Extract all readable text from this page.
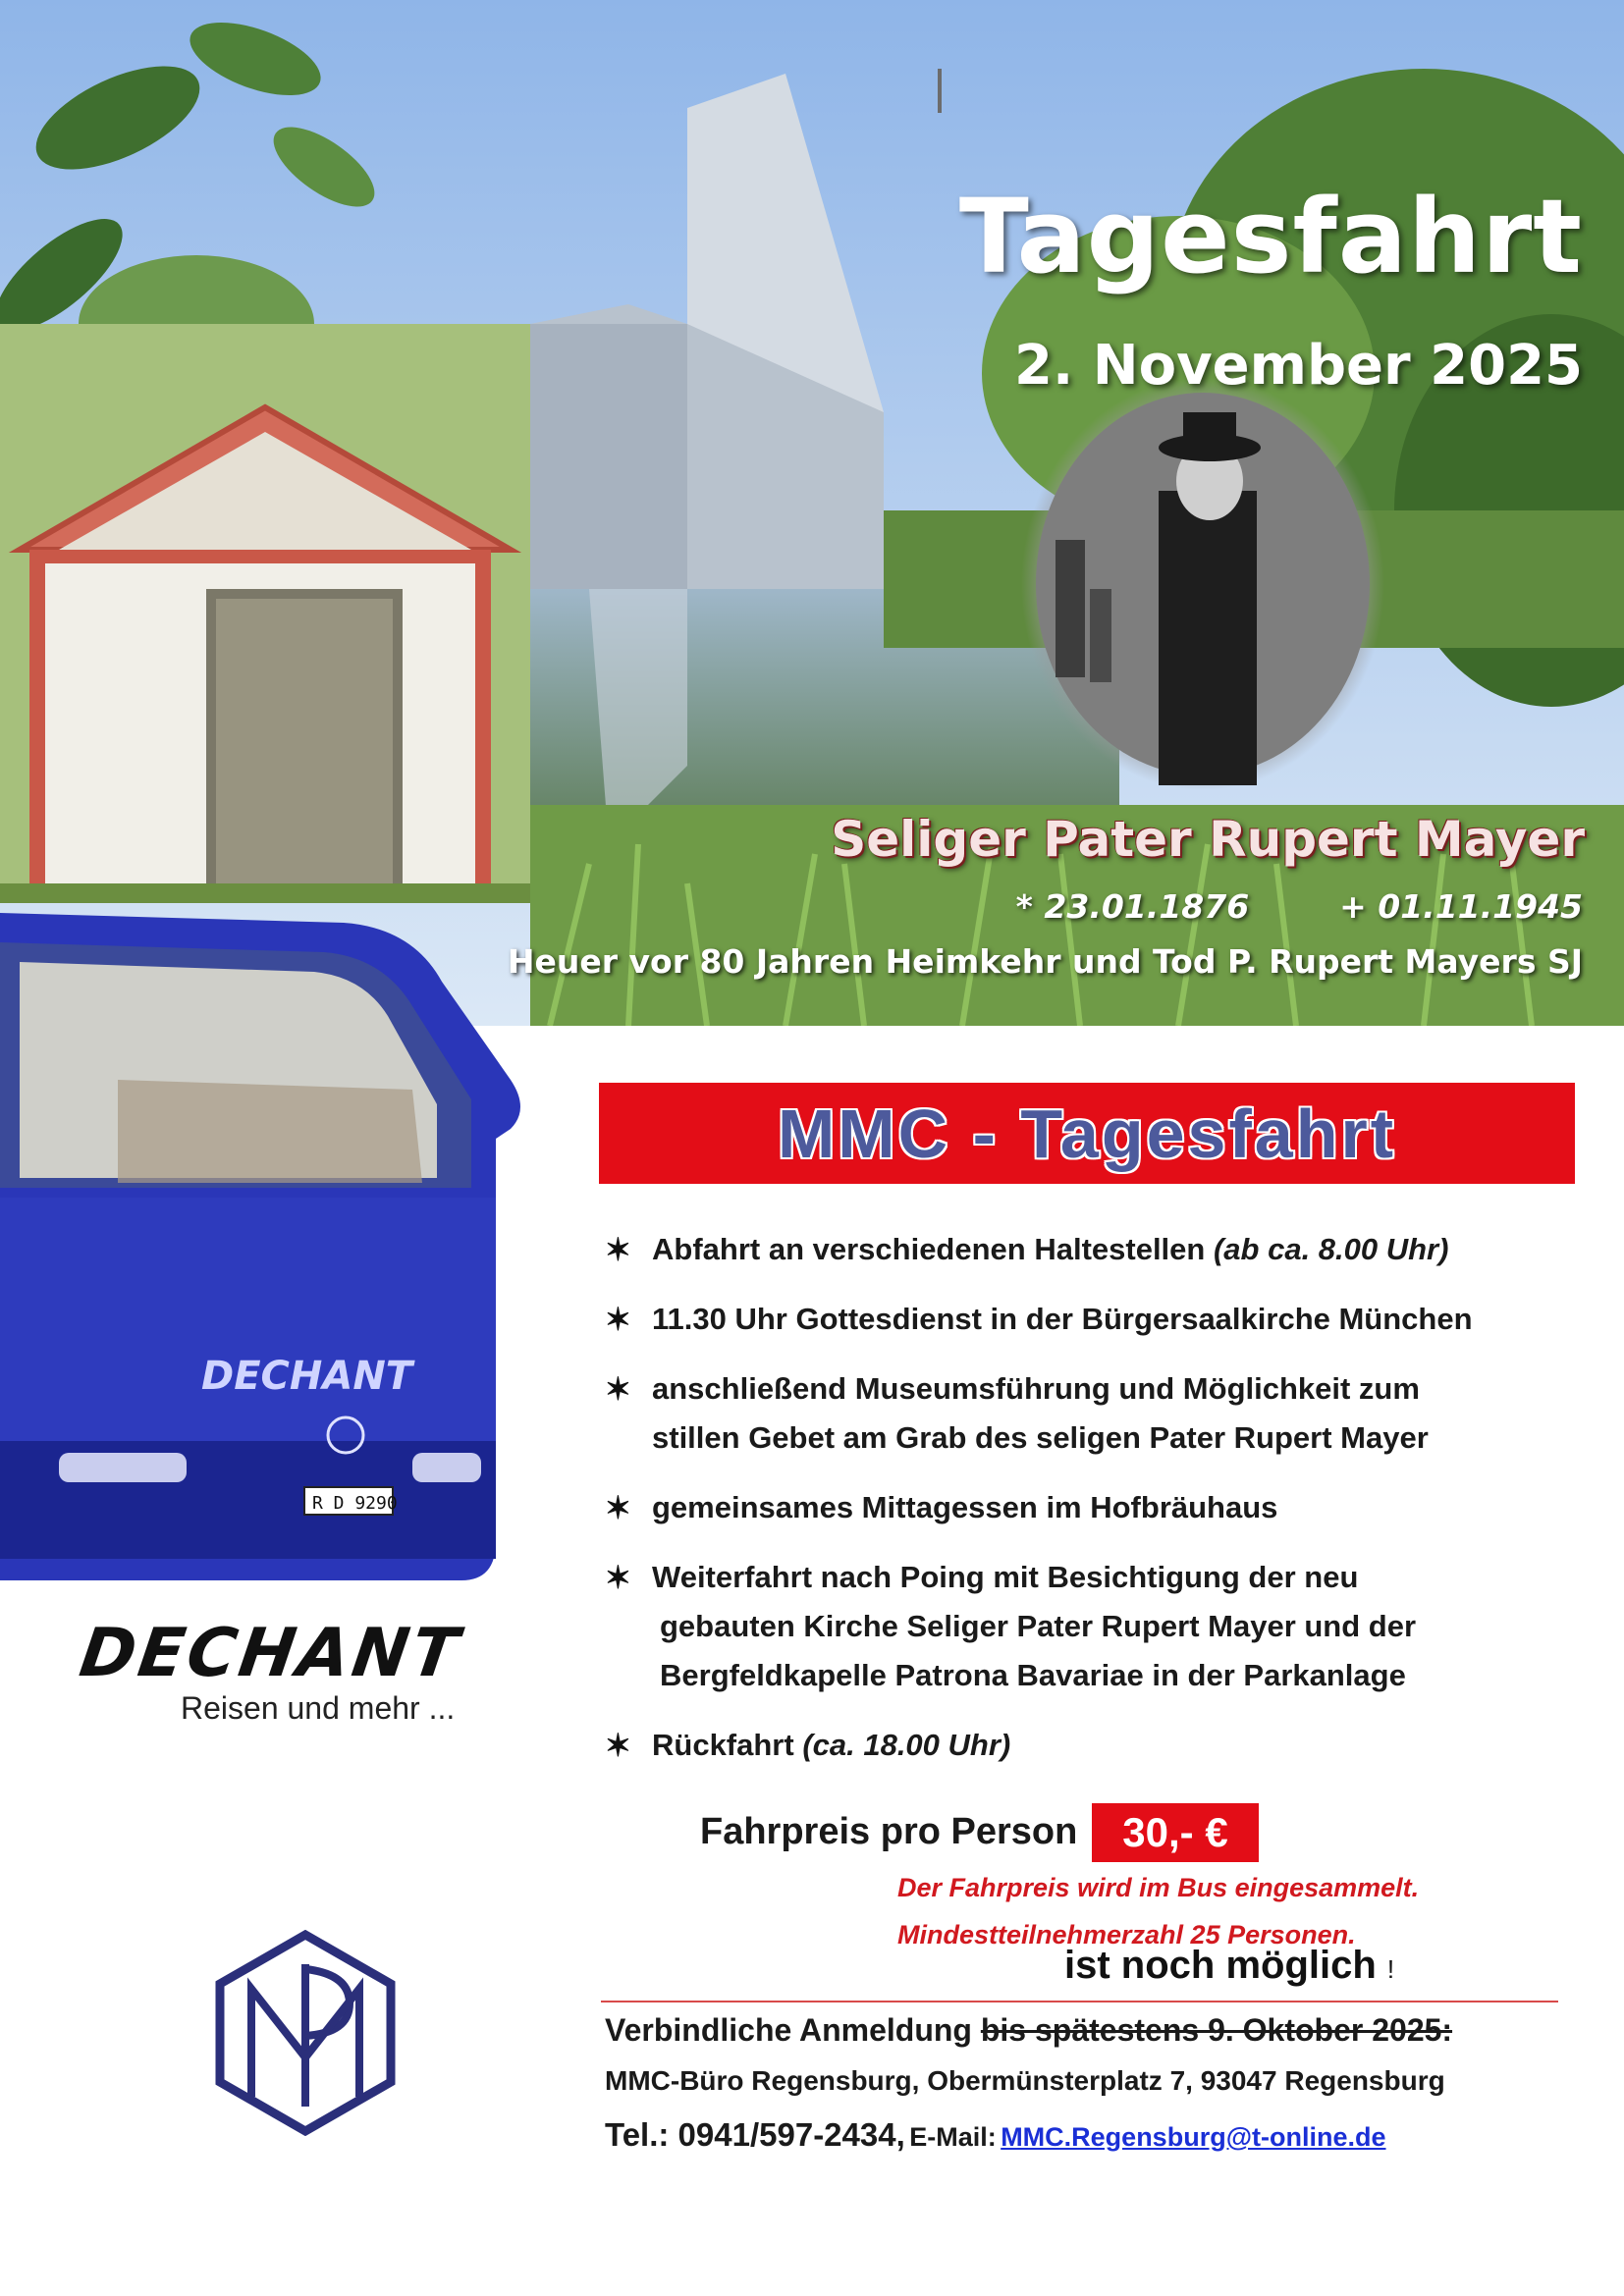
Tagesfahrt
2. November 2025
Seliger Pater Rupert Mayer
* 23.01.1876	+ 01.11.1945
Heuer vor 80 Jahren Heimkehr und Tod P. Rupert Mayers SJ
DECHANT
R D 9290
DECHANT
Reisen und mehr ...
MMC - Tagesfahrt
✶ Abfahrt an verschiedenen Haltestellen (ab ca. 8.00 Uhr)
✶ 11.30 Uhr Gottesdienst in der Bürgersaalkirche München
✶ anschließend Museumsführung und Möglichkeit zum
stillen Gebet am Grab des seligen Pater Rupert Mayer
✶ gemeinsames Mittagessen im Hofbräuhaus
✶ Weiterfahrt nach Poing mit Besichtigung der neu
gebauten Kirche Seliger Pater Rupert Mayer und der
Bergfeldkapelle Patrona Bavariae in der Parkanlage
✶ Rückfahrt (ca. 18.00 Uhr)
Fahrpreis pro Person	30,- €
Der Fahrpreis wird im Bus eingesammelt.
Mindestteilnehmerzahl 25 Personen.
ist noch möglich !
Verbindliche Anmeldung bis spätestens 9. Oktober 2025:
MMC-Büro Regensburg, Obermünsterplatz 7, 93047 Regensburg
Tel.: 0941/597-2434, E-Mail: MMC.Regensburg@t-online.de
